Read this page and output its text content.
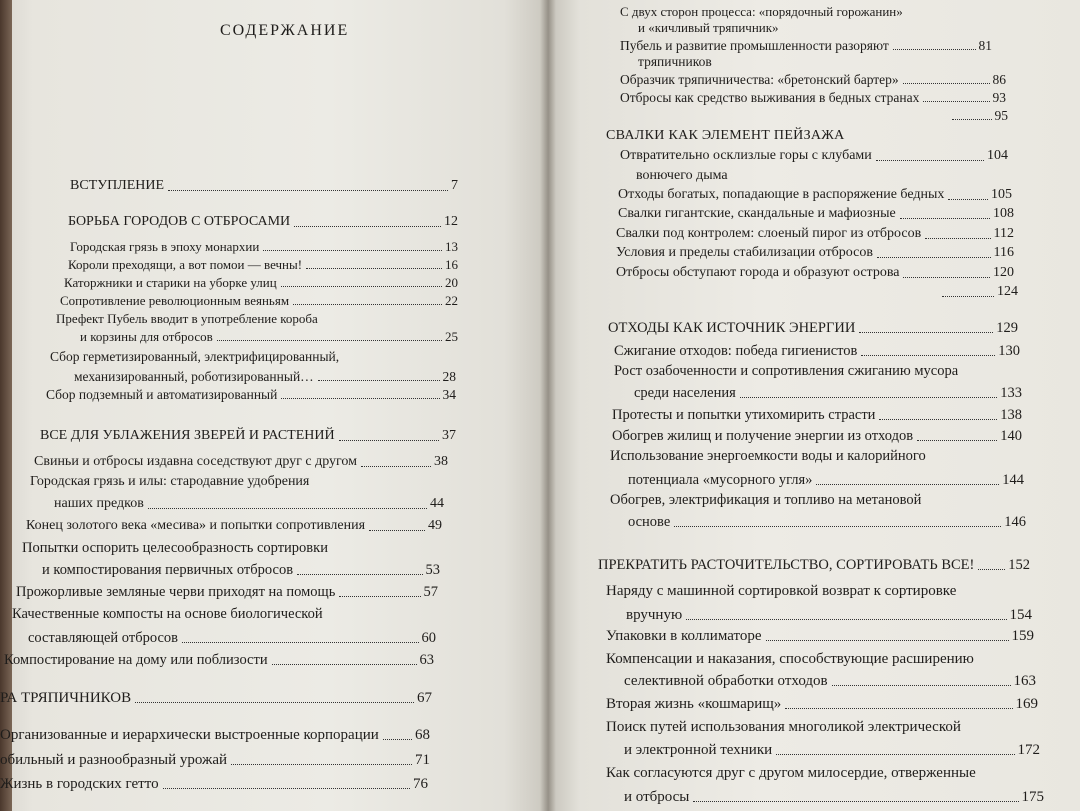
СОДЕРЖАНИЕ
ВСТУПЛЕНИЕ	7
БОРЬБА ГОРОДОВ С ОТБРОСАМИ	12
Городская грязь в эпоху монархии	13
Короли преходящи, а вот помои — вечны!	16
Каторжники и старики на уборке улиц	20
Сопротивление революционным веяньям	22
Префект Пубель вводит в употребление короба
и корзины для отбросов	25
Сбор герметизированный, электрифицированный,
механизированный, роботизированный…	28
Сбор подземный и автоматизированный	34
ВСЕ ДЛЯ УБЛАЖЕНИЯ ЗВЕРЕЙ И РАСТЕНИЙ	37
Свиньи и отбросы издавна соседствуют друг с другом	38
Городская грязь и илы: стародавние удобрения
наших предков	44
Конец золотого века «месива» и попытки сопротивления	49
Попытки оспорить целесообразность сортировки
и компостирования первичных отбросов	53
Прожорливые земляные черви приходят на помощь	57
Качественные компосты на основе биологической
составляющей отбросов	60
Компостирование на дому или поблизости	63
РА ТРЯПИЧНИКОВ	67
Организованные и иерархически выстроенные корпорации 68
обильный и разнообразный урожай	71
Жизнь в городских гетто	76
С двух сторон процесса: «порядочный горожанин»
и «кичливый тряпичник»
Пубель и развитие промышленности разоряют	81
тряпичников
Образчик тряпичничества: «бретонский бартер»	86
Отбросы как средство выживания в бедных странах	93
95
СВАЛКИ КАК ЭЛЕМЕНТ ПЕЙЗАЖА
Отвратительно осклизлые горы с клубами	104
вонючего дыма
Отходы богатых, попадающие в распоряжение бедных	105
Свалки гигантские, скандальные и мафиозные	108
Свалки под контролем: слоеный пирог из отбросов	112
Условия и пределы стабилизации отбросов	116
Отбросы обступают города и образуют острова	120
124
ОТХОДЫ КАК ИСТОЧНИК ЭНЕРГИИ	129
Сжигание отходов: победа гигиенистов	130
Рост озабоченности и сопротивления сжиганию мусора
среди населения	133
Протесты и попытки утихомирить страсти	138
Обогрев жилищ и получение энергии из отходов	140
Использование энергоемкости воды и калорийного
потенциала «мусорного угля»	144
Обогрев, электрификация и топливо на метановой
основе	146
ПРЕКРАТИТЬ РАСТОЧИТЕЛЬСТВО, СОРТИРОВАТЬ ВСЕ! 152
Наряду с машинной сортировкой возврат к сортировке
вручную	154
Упаковки в коллиматоре	159
Компенсации и наказания, способствующие расширению
селективной обработки отходов	163
Вторая жизнь «кошмарищ»	169
Поиск путей использования многоликой электрической
и электронной техники	172
Как согласуются друг с другом милосердие, отверженные
и отбросы	175
